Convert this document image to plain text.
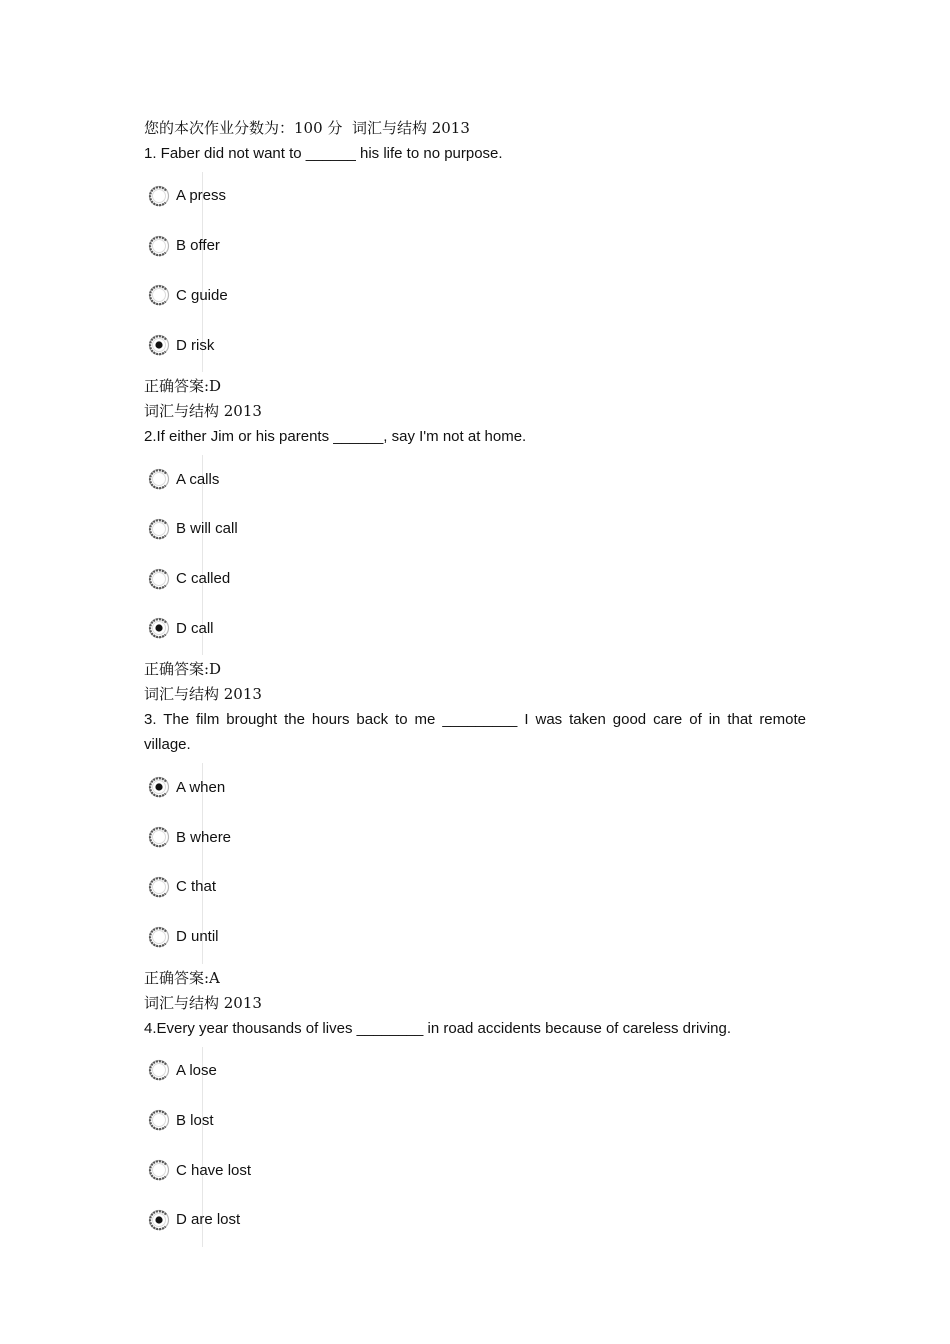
您的本次作业分数为：100 分 词汇与结构 2013
1. Faber did not want to ______ his life to no purpose.
A press
B offer
C guide
D risk
正确答案:D
词汇与结构 2013
2.If either Jim or his parents ______, say I'm not at home.
A calls
B will call
C called
D call
正确答案:D
词汇与结构 2013
3. The film brought the hours back to me _________ I was taken good care of in that remote village.
A when
B where
C that
D until
正确答案:A
词汇与结构 2013
4.Every year thousands of lives ________ in road accidents because of careless driving.
A lose
B lost
C have lost
D are lost
